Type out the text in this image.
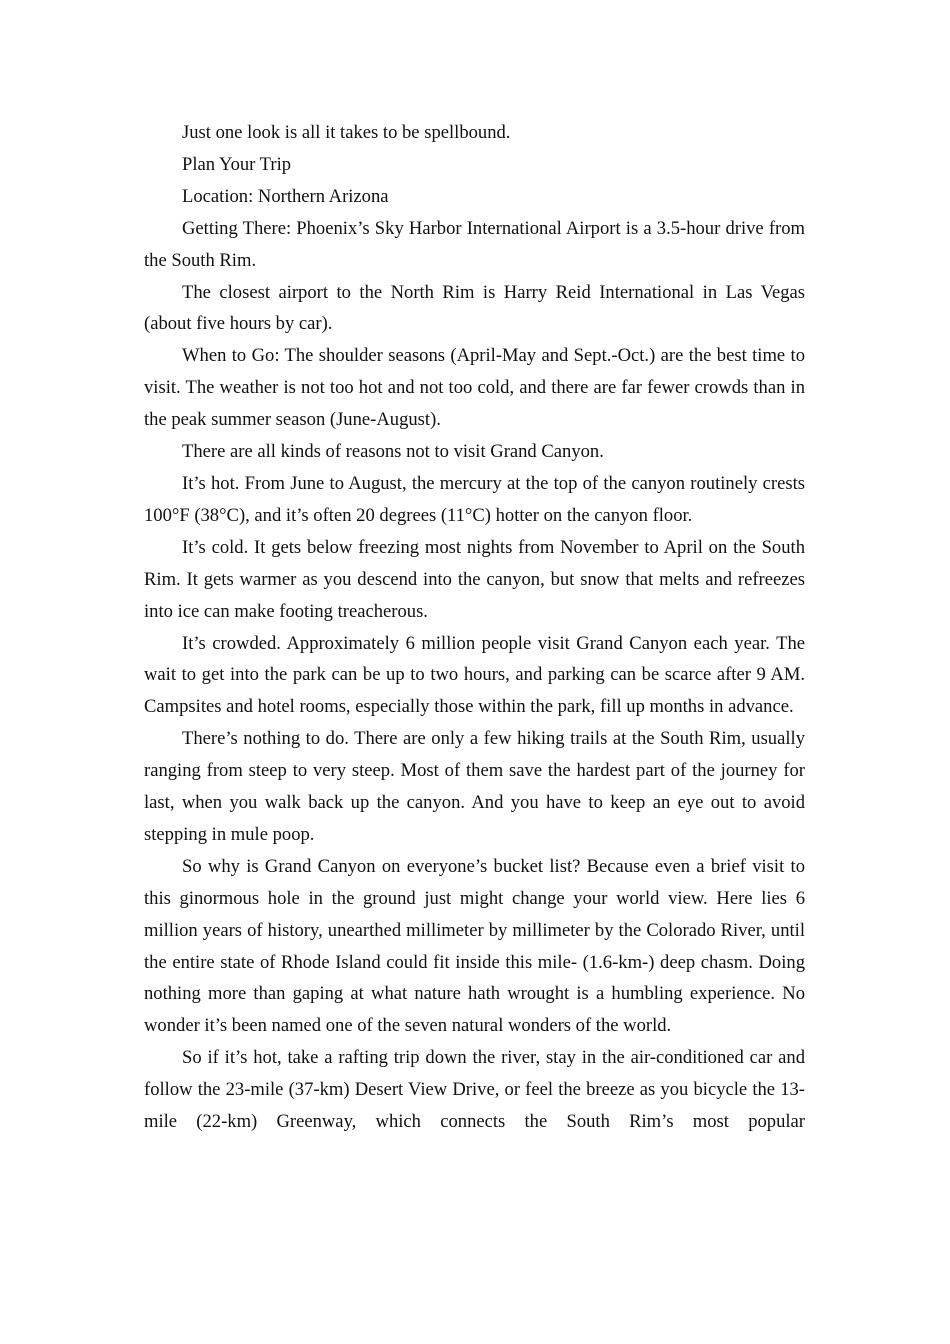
Just one look is all it takes to be spellbound.

Plan Your Trip

Location: Northern Arizona

Getting There: Phoenix’s Sky Harbor International Airport is a 3.5-hour drive from the South Rim.

The closest airport to the North Rim is Harry Reid International in Las Vegas (about five hours by car).

When to Go: The shoulder seasons (April-May and Sept.-Oct.) are the best time to visit. The weather is not too hot and not too cold, and there are far fewer crowds than in the peak summer season (June-August).

There are all kinds of reasons not to visit Grand Canyon.

It’s hot. From June to August, the mercury at the top of the canyon routinely crests 100°F (38°C), and it’s often 20 degrees (11°C) hotter on the canyon floor.

It’s cold. It gets below freezing most nights from November to April on the South Rim. It gets warmer as you descend into the canyon, but snow that melts and refreezes into ice can make footing treacherous.

It’s crowded. Approximately 6 million people visit Grand Canyon each year. The wait to get into the park can be up to two hours, and parking can be scarce after 9 AM. Campsites and hotel rooms, especially those within the park, fill up months in advance.

There’s nothing to do. There are only a few hiking trails at the South Rim, usually ranging from steep to very steep. Most of them save the hardest part of the journey for last, when you walk back up the canyon. And you have to keep an eye out to avoid stepping in mule poop.

So why is Grand Canyon on everyone’s bucket list? Because even a brief visit to this ginormous hole in the ground just might change your world view. Here lies 6 million years of history, unearthed millimeter by millimeter by the Colorado River, until the entire state of Rhode Island could fit inside this mile- (1.6-km-) deep chasm. Doing nothing more than gaping at what nature hath wrought is a humbling experience. No wonder it’s been named one of the seven natural wonders of the world.

So if it’s hot, take a rafting trip down the river, stay in the air-conditioned car and follow the 23-mile (37-km) Desert View Drive, or feel the breeze as you bicycle the 13-mile (22-km) Greenway, which connects the South Rim’s most popular
